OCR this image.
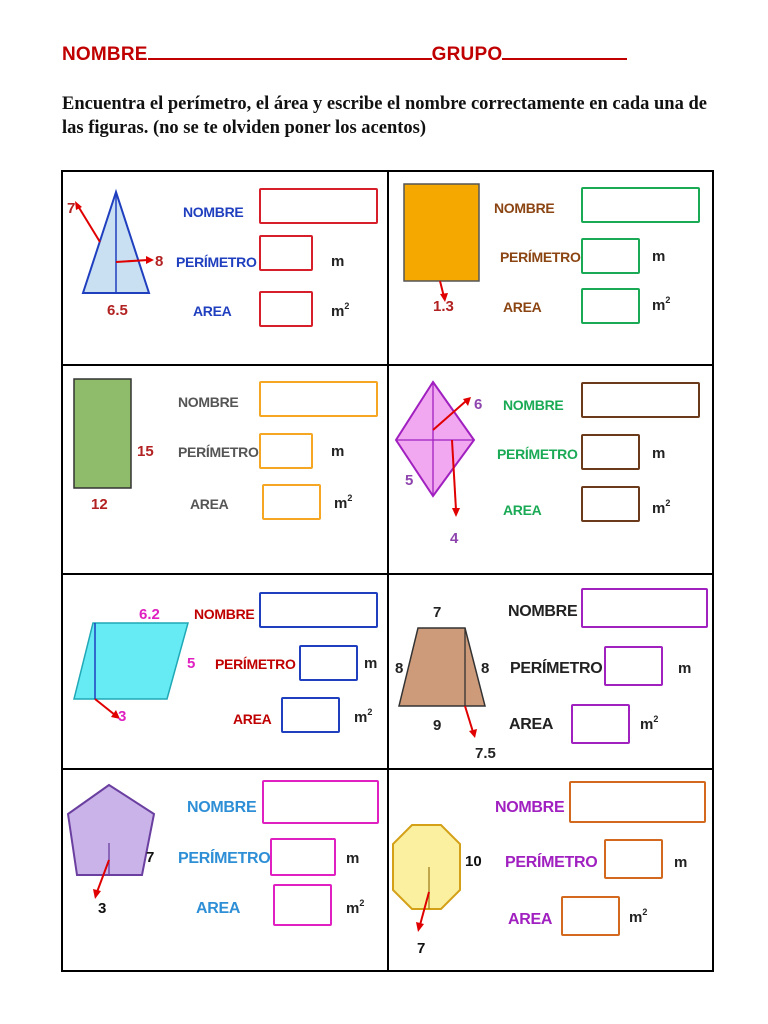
NOMBRE	GRUPO
Encuentra el perímetro, el área y escribe el nombre correctamente en cada una de las figuras. (no se te olviden poner los acentos)
7
8
6.5
NOMBRE
PERÍMETRO	m
AREA	$m^2$	1.3
NOMBRE
PERÍMETRO	m
AREA	$m^2$
15
12
NOMBRE
PERÍMETRO	m
AREA	$m^2$
6
5
4
NOMBRE
PERÍMETRO	m
AREA	$m^2$
6.2
5
3
NOMBRE
PERÍMETRO	m
AREA	$m^2$
7
8	8
9
7.5
NOMBRE
PERÍMETRO	m
AREA	$m^2$
7
3
NOMBRE
PERÍMETRO	m
AREA	$m^2$
10
7
NOMBRE
PERÍMETRO	m
AREA	$m^2$
